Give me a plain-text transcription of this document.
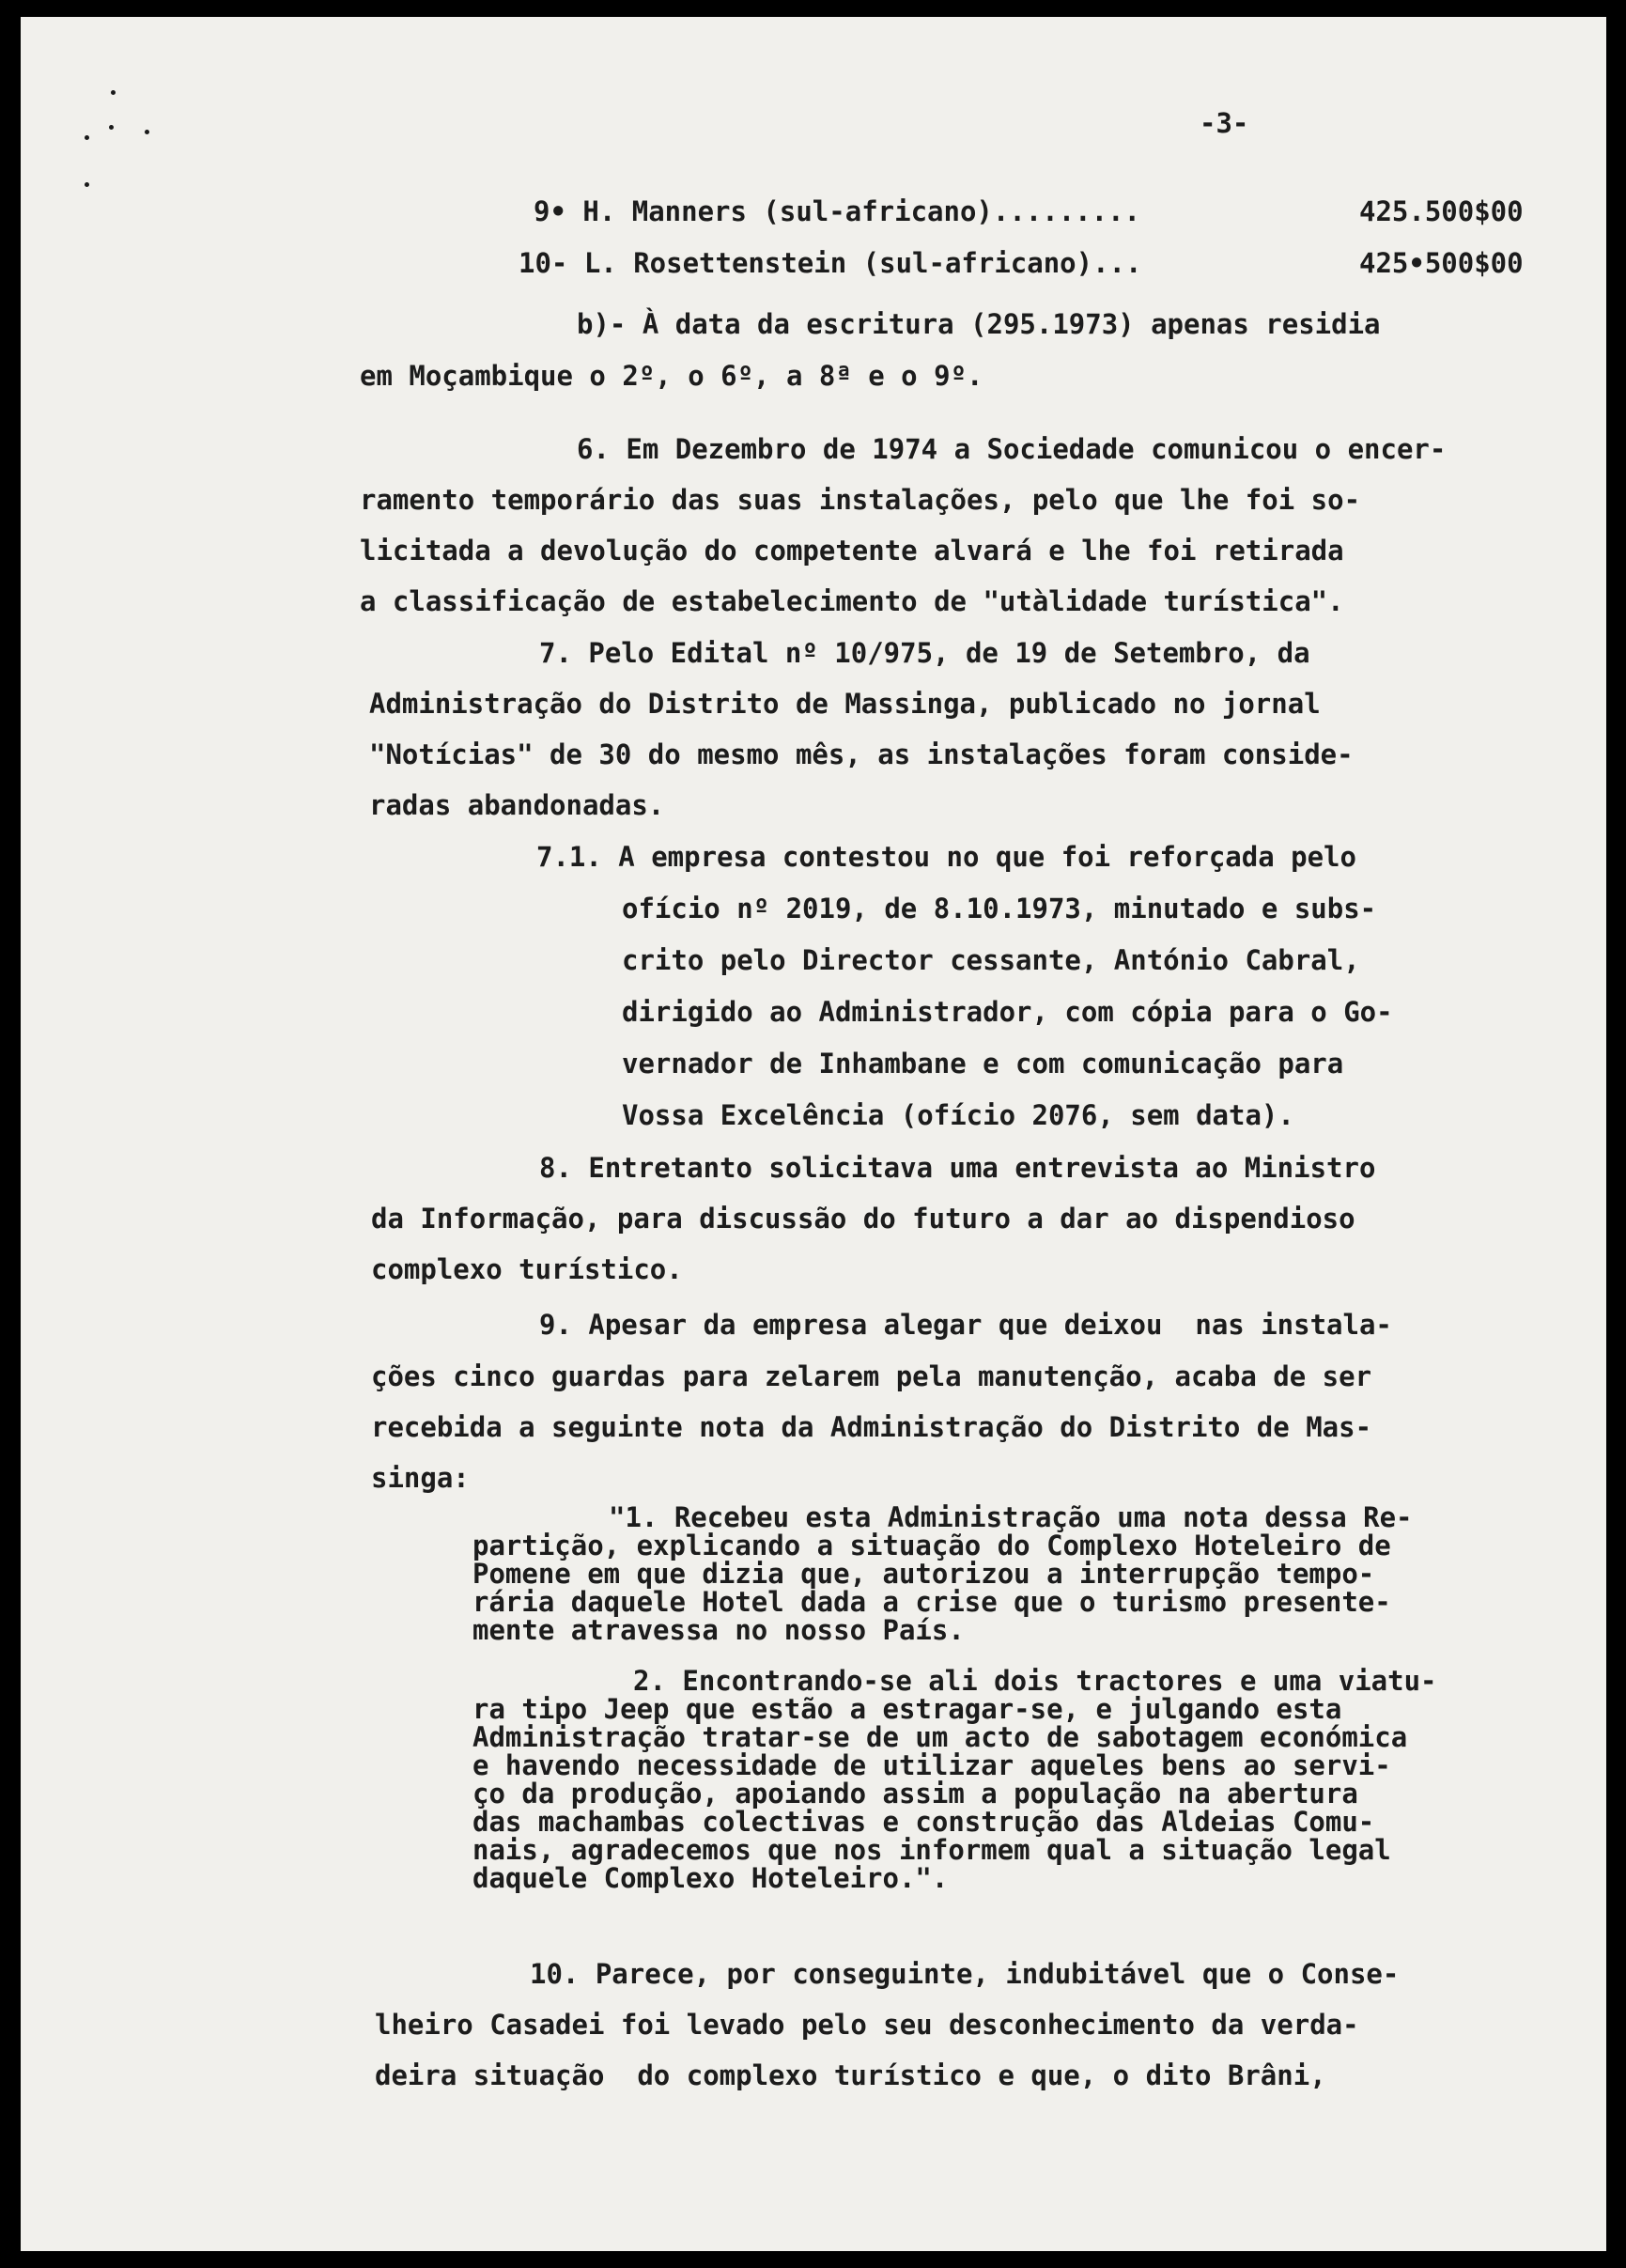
-3-
9• H. Manners (sul-africano).........	425.500$00
10- L. Rosettenstein (sul-africano)...	425•500$00
b)- À data da escritura (295.1973) apenas residia
em Moçambique o 2º, o 6º, a 8ª e o 9º.
6. Em Dezembro de 1974 a Sociedade comunicou o encer-
ramento temporário das suas instalações, pelo que lhe foi so-
licitada a devolução do competente alvará e lhe foi retirada
a classificação de estabelecimento de "utàlidade turística".
7. Pelo Edital nº 10/975, de 19 de Setembro, da
Administração do Distrito de Massinga, publicado no jornal
"Notícias" de 30 do mesmo mês, as instalações foram conside-
radas abandonadas.
7.1. A empresa contestou no que foi reforçada pelo
ofício nº 2019, de 8.10.1973, minutado e subs-
crito pelo Director cessante, António Cabral,
dirigido ao Administrador, com cópia para o Go-
vernador de Inhambane e com comunicação para
Vossa Excelência (ofício 2076, sem data).
8. Entretanto solicitava uma entrevista ao Ministro
da Informação, para discussão do futuro a dar ao dispendioso
complexo turístico.
9. Apesar da empresa alegar que deixou  nas instala-
ções cinco guardas para zelarem pela manutenção, acaba de ser
recebida a seguinte nota da Administração do Distrito de Mas-
singa:
"1. Recebeu esta Administração uma nota dessa Re-
partição, explicando a situação do Complexo Hoteleiro de
Pomene em que dizia que, autorizou a interrupção tempo-
rária daquele Hotel dada a crise que o turismo presente-
mente atravessa no nosso País.
2. Encontrando-se ali dois tractores e uma viatu-
ra tipo Jeep que estão a estragar-se, e julgando esta
Administração tratar-se de um acto de sabotagem económica
e havendo necessidade de utilizar aqueles bens ao servi-
ço da produção, apoiando assim a população na abertura
das machambas colectivas e construção das Aldeias Comu-
nais, agradecemos que nos informem qual a situação legal
daquele Complexo Hoteleiro.".
10. Parece, por conseguinte, indubitável que o Conse-
lheiro Casadei foi levado pelo seu desconhecimento da verda-
deira situação  do complexo turístico e que, o dito Brâni,
